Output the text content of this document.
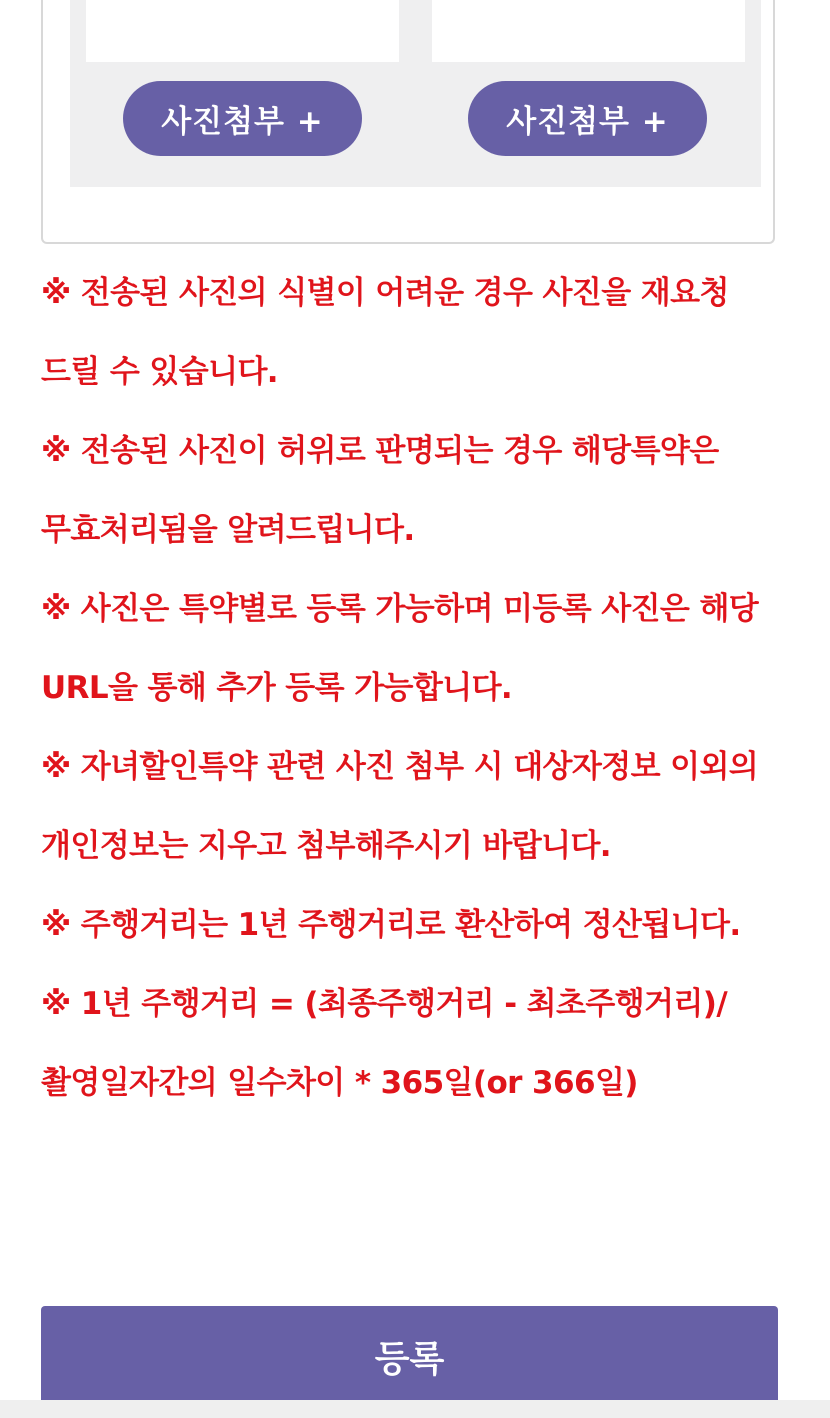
사진첨부 +	사진첨부 +

※ 전송된 사진의 식별이 어려운 경우 사진을 재요청 드릴 수 있습니다.

※ 전송된 사진이 허위로 판명되는 경우 해당특약은 무효처리됨을 알려드립니다.

※ 사진은 특약별로 등록 가능하며 미등록 사진은 해당 URL을 통해 추가 등록 가능합니다.

※ 자녀할인특약 관련 사진 첨부 시 대상자정보 이외의 개인정보는 지우고 첨부해주시기 바랍니다.

※ 주행거리는 1년 주행거리로 환산하여 정산됩니다.

※ 1년 주행거리 = (최종주행거리 - 최초주행거리)/촬영일자간의 일수차이 * 365일(or 366일)

등록
